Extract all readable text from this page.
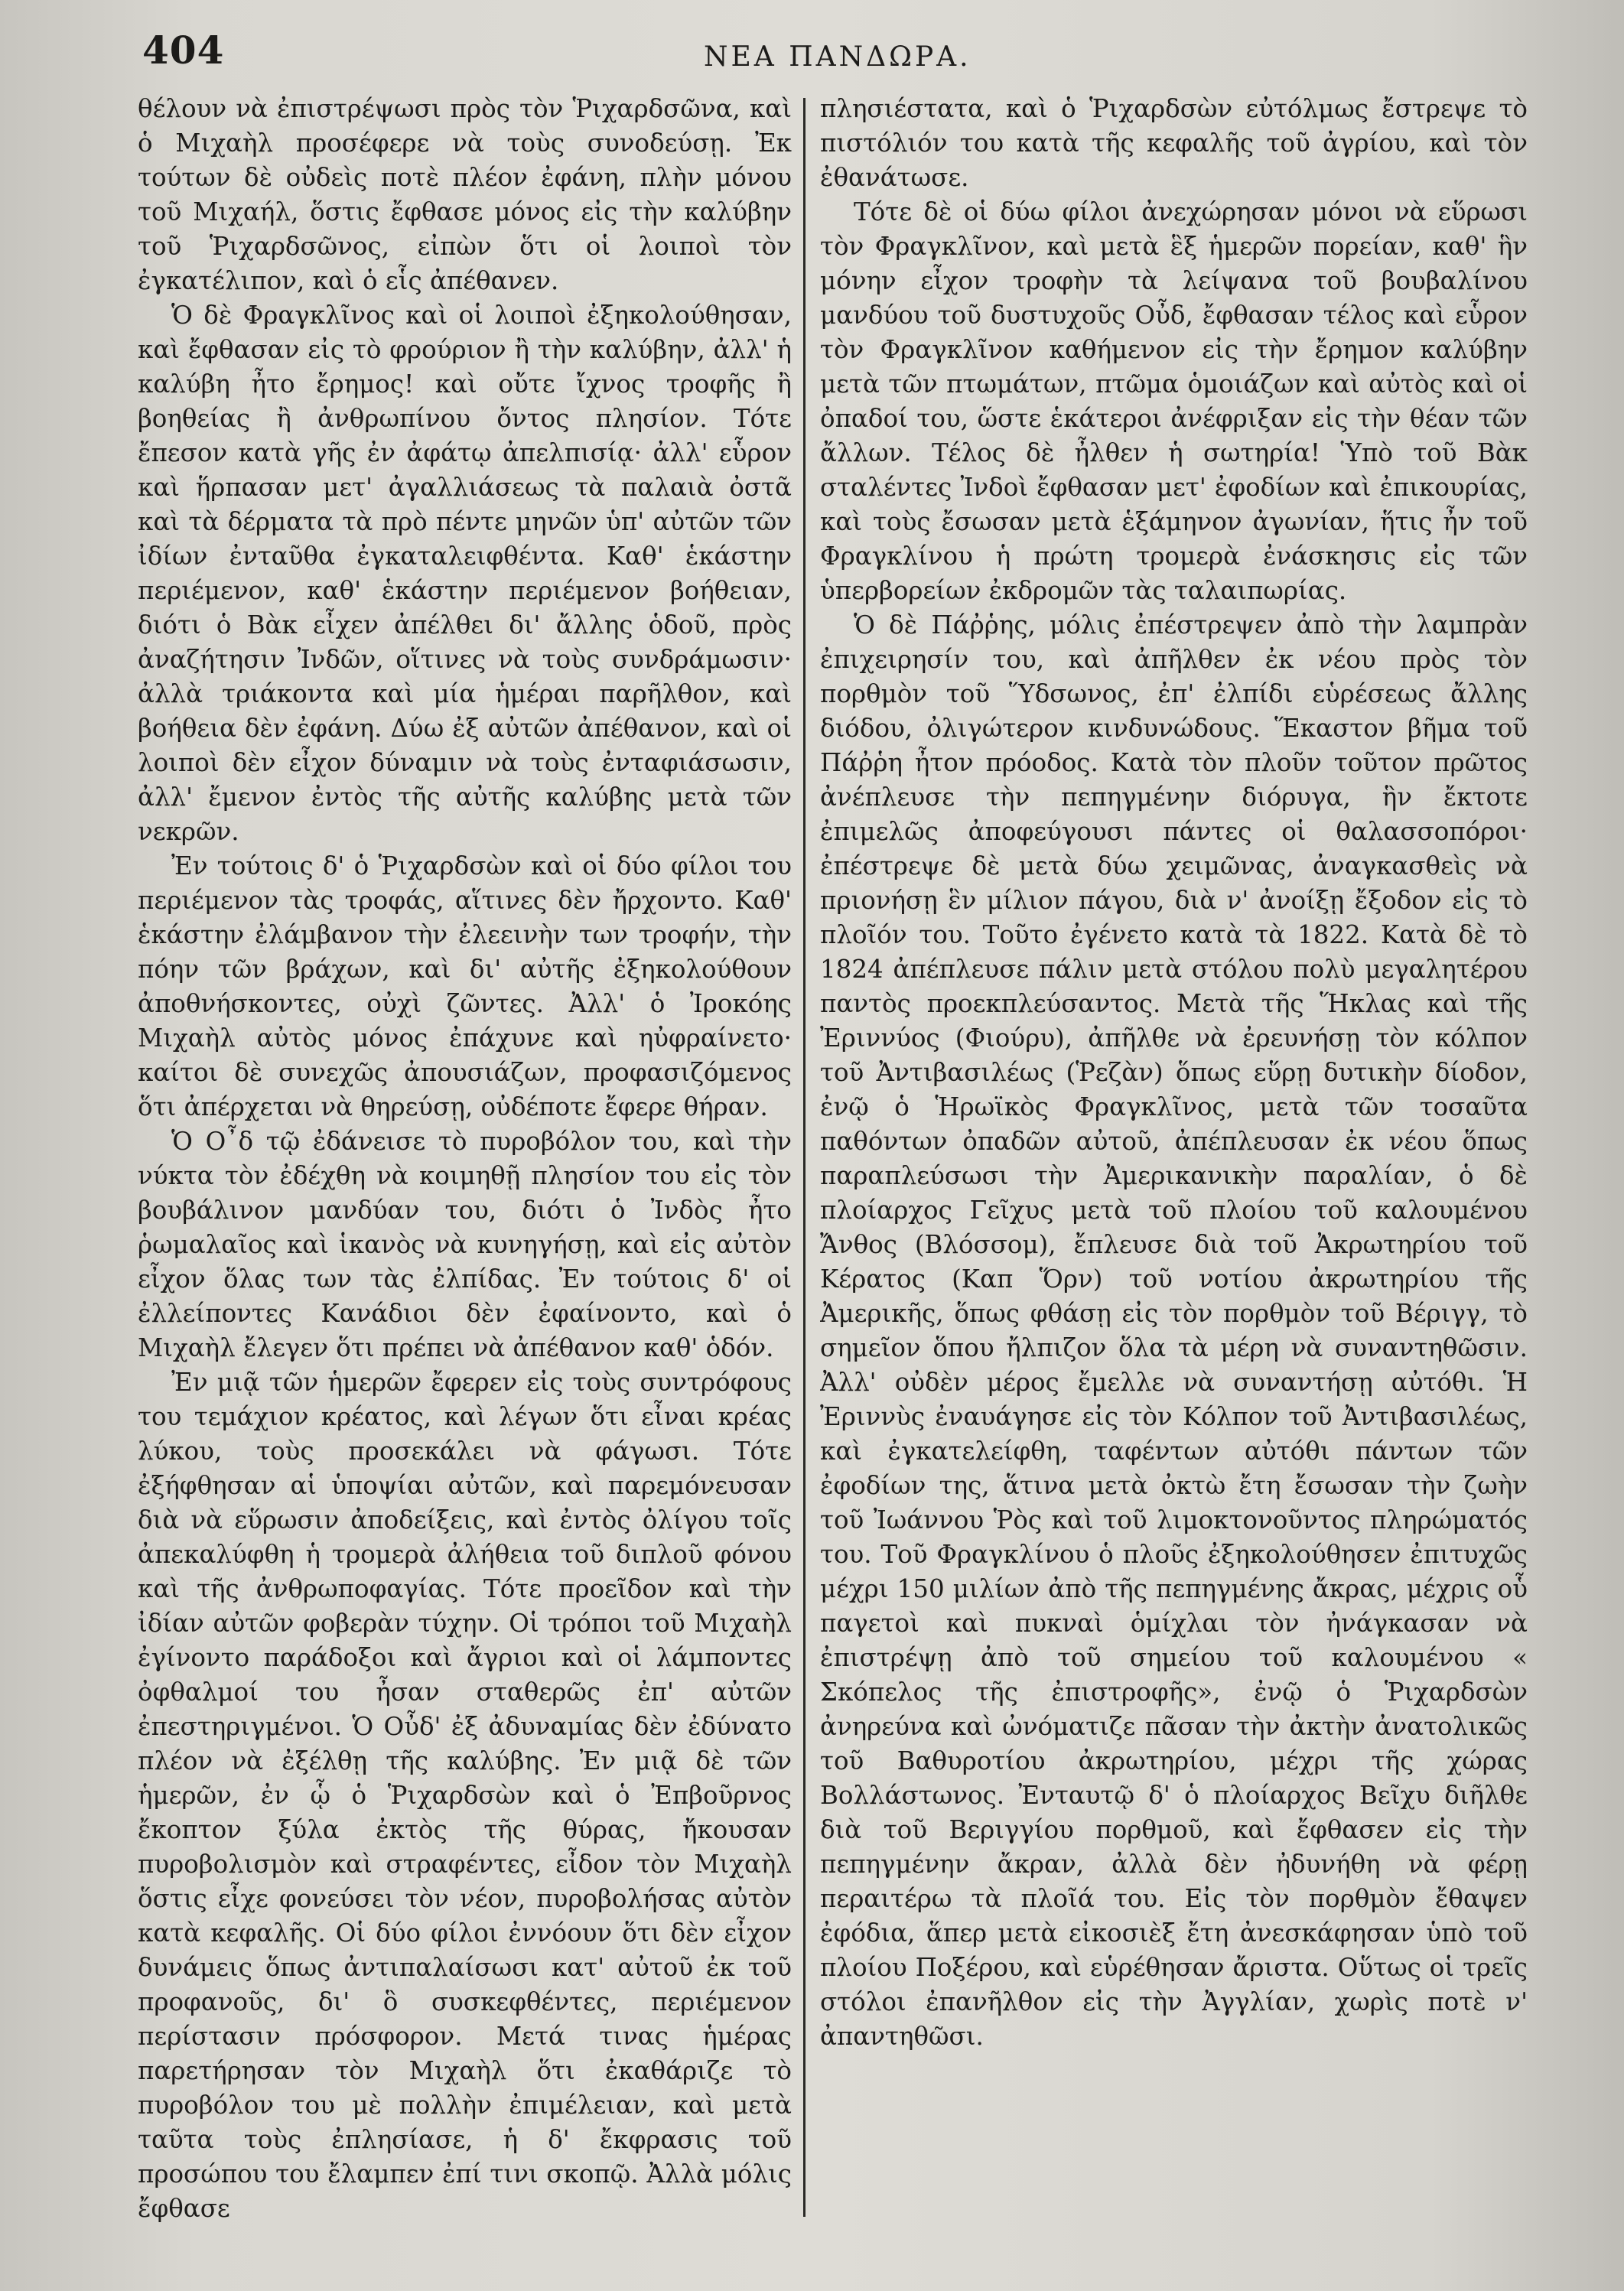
404	ΝΕΑ ΠΑΝΔΩΡΑ.

θέλουν νὰ ἐπιστρέψωσι πρὸς τὸν Ῥιχαρδσῶνα, καὶ ὁ Μιχαὴλ προσέφερε νὰ τοὺς συνοδεύσῃ. Ἐκ τούτων δὲ οὐδεὶς ποτὲ πλέον ἐφάνη, πλὴν μόνου τοῦ Μιχαήλ, ὅστις ἔφθασε μόνος εἰς τὴν καλύβην τοῦ Ῥιχαρδσῶνος, εἰπὼν ὅτι οἱ λοιποὶ τὸν ἐγκατέλιπον, καὶ ὁ εἷς ἀπέθανεν.

Ὁ δὲ Φραγκλῖνος καὶ οἱ λοιποὶ ἐξηκολούθησαν, καὶ ἔφθασαν εἰς τὸ φρούριον ἢ τὴν καλύβην, ἀλλ' ἡ καλύβη ἦτο ἔρημος! καὶ οὔτε ἴχνος τροφῆς ἢ βοηθείας ἢ ἀνθρωπίνου ὄντος πλησίον. Τότε ἔπεσον κατὰ γῆς ἐν ἀφάτῳ ἀπελπισίᾳ· ἀλλ' εὗρον καὶ ἥρπασαν μετ' ἀγαλλιάσεως τὰ παλαιὰ ὀστᾶ καὶ τὰ δέρματα τὰ πρὸ πέντε μηνῶν ὑπ' αὐτῶν τῶν ἰδίων ἐνταῦθα ἐγκαταλειφθέντα. Καθ' ἑκάστην περιέμενον, καθ' ἑκάστην περιέμενον βοήθειαν, διότι ὁ Βὰκ εἶχεν ἀπέλθει δι' ἄλλης ὁδοῦ, πρὸς ἀναζήτησιν Ἰνδῶν, οἵτινες νὰ τοὺς συνδράμωσιν· ἀλλὰ τριάκοντα καὶ μία ἡμέραι παρῆλθον, καὶ βοήθεια δὲν ἐφάνη. Δύω ἐξ αὐτῶν ἀπέθανον, καὶ οἱ λοιποὶ δὲν εἶχον δύναμιν νὰ τοὺς ἐνταφιάσωσιν, ἀλλ' ἔμενον ἐντὸς τῆς αὐτῆς καλύβης μετὰ τῶν νεκρῶν.

Ἐν τούτοις δ' ὁ Ῥιχαρδσὼν καὶ οἱ δύο φίλοι του περιέμενον τὰς τροφάς, αἵτινες δὲν ἤρχοντο. Καθ' ἑκάστην ἐλάμβανον τὴν ἐλεεινὴν των τροφήν, τὴν πόην τῶν βράχων, καὶ δι' αὐτῆς ἐξηκολούθουν ἀποθνήσκοντες, οὐχὶ ζῶντες. Ἀλλ' ὁ Ἰροκόης Μιχαὴλ αὐτὸς μόνος ἐπάχυνε καὶ ηὐφραίνετο· καίτοι δὲ συνεχῶς ἀπουσιάζων, προφασιζόμενος ὅτι ἀπέρχεται νὰ θηρεύσῃ, οὐδέποτε ἔφερε θήραν.

Ὁ Ο῏δ τῷ ἐδάνεισε τὸ πυροβόλον του, καὶ τὴν νύκτα τὸν ἐδέχθη νὰ κοιμηθῇ πλησίον του εἰς τὸν βουβάλινον μανδύαν του, διότι ὁ Ἰνδὸς ἦτο ῥωμαλαῖος καὶ ἱκανὸς νὰ κυνηγήσῃ, καὶ εἰς αὐτὸν εἶχον ὅλας των τὰς ἐλπίδας. Ἐν τούτοις δ' οἱ ἐλλείποντες Κανάδιοι δὲν ἐφαίνοντο, καὶ ὁ Μιχαὴλ ἔλεγεν ὅτι πρέπει νὰ ἀπέθανον καθ' ὁδόν.

Ἐν μιᾷ τῶν ἡμερῶν ἔφερεν εἰς τοὺς συντρόφους του τεμάχιον κρέατος, καὶ λέγων ὅτι εἶναι κρέας λύκου, τοὺς προσεκάλει νὰ φάγωσι. Τότε ἐξήφθησαν αἱ ὑποψίαι αὐτῶν, καὶ παρεμόνευσαν διὰ νὰ εὕρωσιν ἀποδείξεις, καὶ ἐντὸς ὀλίγου τοῖς ἀπεκαλύφθη ἡ τρομερὰ ἀλήθεια τοῦ διπλοῦ φόνου καὶ τῆς ἀνθρωποφαγίας. Τότε προεῖδον καὶ τὴν ἰδίαν αὐτῶν φοβερὰν τύχην. Οἱ τρόποι τοῦ Μιχαὴλ ἐγίνοντο παράδοξοι καὶ ἄγριοι καὶ οἱ λάμποντες ὀφθαλμοί του ἦσαν σταθερῶς ἐπ' αὐτῶν ἐπεστηριγμένοι. Ὁ Οὖδ' ἐξ ἀδυναμίας δὲν ἐδύνατο πλέον νὰ ἐξέλθῃ τῆς καλύβης. Ἐν μιᾷ δὲ τῶν ἡμερῶν, ἐν ᾧ ὁ Ῥιχαρδσὼν καὶ ὁ Ἐπβοῦρνος ἔκοπτον ξύλα ἐκτὸς τῆς θύρας, ἤκουσαν πυροβολισμὸν καὶ στραφέντες, εἶδον τὸν Μιχαὴλ ὅστις εἶχε φονεύσει τὸν νέον, πυροβολήσας αὐτὸν κατὰ κεφαλῆς. Οἱ δύο φίλοι ἐννόουν ὅτι δὲν εἶχον δυνάμεις ὅπως ἀντιπαλαίσωσι κατ' αὐτοῦ ἐκ τοῦ προφανοῦς, δι' ὃ συσκεφθέντες, περιέμενον περίστασιν πρόσφορον. Μετά τινας ἡμέρας παρετήρησαν τὸν Μιχαὴλ ὅτι ἐκαθάριζε τὸ πυροβόλον του μὲ πολλὴν ἐπιμέλειαν, καὶ μετὰ ταῦτα τοὺς ἐπλησίασε, ἡ δ' ἔκφρασις τοῦ προσώπου του ἔλαμπεν ἐπί τινι σκοπῷ. Ἀλλὰ μόλις ἔφθασε

πλησιέστατα, καὶ ὁ Ῥιχαρδσὼν εὐτόλμως ἔστρεψε τὸ πιστόλιόν του κατὰ τῆς κεφαλῆς τοῦ ἀγρίου, καὶ τὸν ἐθανάτωσε.

Τότε δὲ οἱ δύω φίλοι ἀνεχώρησαν μόνοι νὰ εὕρωσι τὸν Φραγκλῖνον, καὶ μετὰ ἓξ ἡμερῶν πορείαν, καθ' ἣν μόνην εἶχον τροφὴν τὰ λείψανα τοῦ βουβαλίνου μανδύου τοῦ δυστυχοῦς Οὖδ, ἔφθασαν τέλος καὶ εὗρον τὸν Φραγκλῖνον καθήμενον εἰς τὴν ἔρημον καλύβην μετὰ τῶν πτωμάτων, πτῶμα ὁμοιάζων καὶ αὐτὸς καὶ οἱ ὀπαδοί του, ὥστε ἑκάτεροι ἀνέφριξαν εἰς τὴν θέαν τῶν ἄλλων. Τέλος δὲ ἦλθεν ἡ σωτηρία! Ὑπὸ τοῦ Βὰκ σταλέντες Ἰνδοὶ ἔφθασαν μετ' ἐφοδίων καὶ ἐπικουρίας, καὶ τοὺς ἔσωσαν μετὰ ἑξάμηνον ἀγωνίαν, ἥτις ἦν τοῦ Φραγκλίνου ἡ πρώτη τρομερὰ ἐνάσκησις εἰς τῶν ὑπερβορείων ἐκδρομῶν τὰς ταλαιπωρίας.

Ὁ δὲ Πάῤῥης, μόλις ἐπέστρεψεν ἀπὸ τὴν λαμπρὰν ἐπιχειρησίν του, καὶ ἀπῆλθεν ἐκ νέου πρὸς τὸν πορθμὸν τοῦ Ὕδσωνος, ἐπ' ἐλπίδι εὑρέσεως ἄλλης διόδου, ὀλιγώτερον κινδυνώδους. Ἕκαστον βῆμα τοῦ Πάῤῥη ἦτον πρόοδος. Κατὰ τὸν πλοῦν τοῦτον πρῶτος ἀνέπλευσε τὴν πεπηγμένην διόρυγα, ἣν ἔκτοτε ἐπιμελῶς ἀποφεύγουσι πάντες οἱ θαλασσοπόροι· ἐπέστρεψε δὲ μετὰ δύω χειμῶνας, ἀναγκασθεὶς νὰ πριονήσῃ ἓν μίλιον πάγου, διὰ ν' ἀνοίξῃ ἔξοδον εἰς τὸ πλοῖόν του. Τοῦτο ἐγένετο κατὰ τὰ 1822. Κατὰ δὲ τὸ 1824 ἀπέπλευσε πάλιν μετὰ στόλου πολὺ μεγαλητέρου παντὸς προεκπλεύσαντος. Μετὰ τῆς Ἥκλας καὶ τῆς Ἐριννύος (Φιούρυ), ἀπῆλθε νὰ ἐρευνήσῃ τὸν κόλπον τοῦ Ἀντιβασιλέως (Ῥεζὰν) ὅπως εὕρῃ δυτικὴν δίοδον, ἐνῷ ὁ Ἡρωϊκὸς Φραγκλῖνος, μετὰ τῶν τοσαῦτα παθόντων ὀπαδῶν αὐτοῦ, ἀπέπλευσαν ἐκ νέου ὅπως παραπλεύσωσι τὴν Ἀμερικανικὴν παραλίαν, ὁ δὲ πλοίαρχος Γεῖχυς μετὰ τοῦ πλοίου τοῦ καλουμένου Ἄνθος (Βλόσσομ), ἔπλευσε διὰ τοῦ Ἀκρωτηρίου τοῦ Κέρατος (Καπ Ὅρν) τοῦ νοτίου ἀκρωτηρίου τῆς Ἀμερικῆς, ὅπως φθάσῃ εἰς τὸν πορθμὸν τοῦ Βέριγγ, τὸ σημεῖον ὅπου ἤλπιζον ὅλα τὰ μέρη νὰ συναντηθῶσιν. Ἀλλ' οὐδὲν μέρος ἔμελλε νὰ συναντήσῃ αὐτόθι. Ἡ Ἐριννὺς ἐναυάγησε εἰς τὸν Κόλπον τοῦ Ἀντιβασιλέως, καὶ ἐγκατελείφθη, ταφέντων αὐτόθι πάντων τῶν ἐφοδίων της, ἅτινα μετὰ ὀκτὼ ἔτη ἔσωσαν τὴν ζωὴν τοῦ Ἰωάννου Ῥὸς καὶ τοῦ λιμοκτονοῦντος πληρώματός του. Τοῦ Φραγκλίνου ὁ πλοῦς ἐξηκολούθησεν ἐπιτυχῶς μέχρι 150 μιλίων ἀπὸ τῆς πεπηγμένης ἄκρας, μέχρις οὗ παγετοὶ καὶ πυκναὶ ὁμίχλαι τὸν ἠνάγκασαν νὰ ἐπιστρέψῃ ἀπὸ τοῦ σημείου τοῦ καλουμένου « Σκόπελος τῆς ἐπιστροφῆς», ἐνῷ ὁ Ῥιχαρδσὼν ἀνηρεύνα καὶ ὠνόματιζε πᾶσαν τὴν ἀκτὴν ἀνατολικῶς τοῦ Βαθυροτίου ἀκρωτηρίου, μέχρι τῆς χώρας Βολλάστωνος. Ἐνταυτῷ δ' ὁ πλοίαρχος Βεῖχυ διῆλθε διὰ τοῦ Βεριγγίου πορθμοῦ, καὶ ἔφθασεν εἰς τὴν πεπηγμένην ἄκραν, ἀλλὰ δὲν ἠδυνήθη νὰ φέρῃ περαιτέρω τὰ πλοῖά του. Εἰς τὸν πορθμὸν ἔθαψεν ἐφόδια, ἅπερ μετὰ εἰκοσιὲξ ἔτη ἀνεσκάφησαν ὑπὸ τοῦ πλοίου Ποξέρου, καὶ εὑρέθησαν ἄριστα. Οὕτως οἱ τρεῖς στόλοι ἐπανῆλθον εἰς τὴν Ἀγγλίαν, χωρὶς ποτὲ ν' ἀπαντηθῶσι.
